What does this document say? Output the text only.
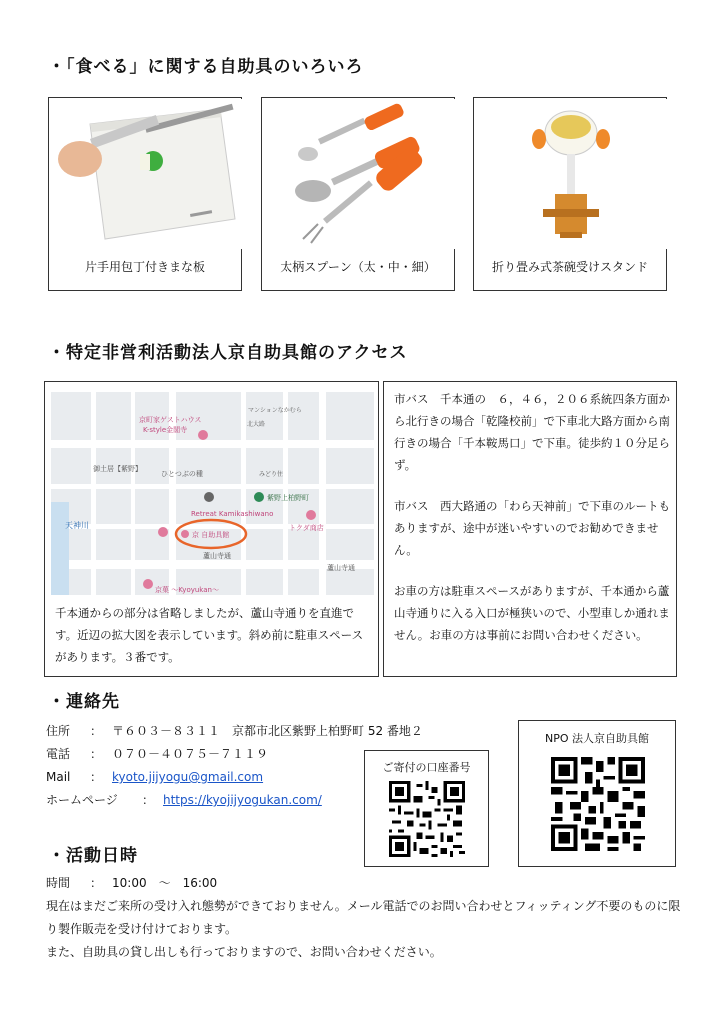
・「食べる」に関する自助具のいろいろ
片手用包丁付きまな板	太柄スプーン（太・中・細）	折り畳み式茶碗受けスタンド
・特定非営利活動法人京自助具館のアクセス
京町家ゲストハウス
K-style金閣寺
マンションなかむら
御土居【紫野】
ひとつぶの種	みどり住
紫野上柏野町
Retreat Kamikashiwano
トクダ商店
京 自助具館
蘆山寺通
蘆山寺通
天神川
京菓 ～Kyoyukan～
北大路
千本通からの部分は省略しましたが、蘆山寺通りを直進です。近辺の拡大図を表示しています。斜め前に駐車スペースがあります。３番です。
市バス　千本通の　６，４６，２０６系統四条方面から北行きの場合「乾隆校前」で下車北大路方面から南行きの場合「千本鞍馬口」で下車。徒歩約１０分足らず。
市バス　西大路通の「わら天神前」で下車のルートもありますが、途中が迷いやすいのでお勧めできません。
お車の方は駐車スペースがありますが、千本通から蘆山寺通りに入る入口が極狭いので、小型車しか通れません。お車の方は事前にお問い合わせください。
・連絡先
住所 ： 〒６０３－８３１１　京都市北区紫野上柏野町 52 番地２
電話 ： ０７０－４０７５－７１１９
Mail ： kyoto.jijyogu@gmail.com
ホームページ ： https://kyojijyogukan.com/
ご寄付の口座番号
NPO 法人京自助具館
・活動日時
時間 ： 10:00　～　16:00
現在はまだご来所の受け入れ態勢ができておりません。メール電話でのお問い合わせとフィッティング不要のものに限り製作販売を受け付けております。
また、自助具の貸し出しも行っておりますので、お問い合わせください。
